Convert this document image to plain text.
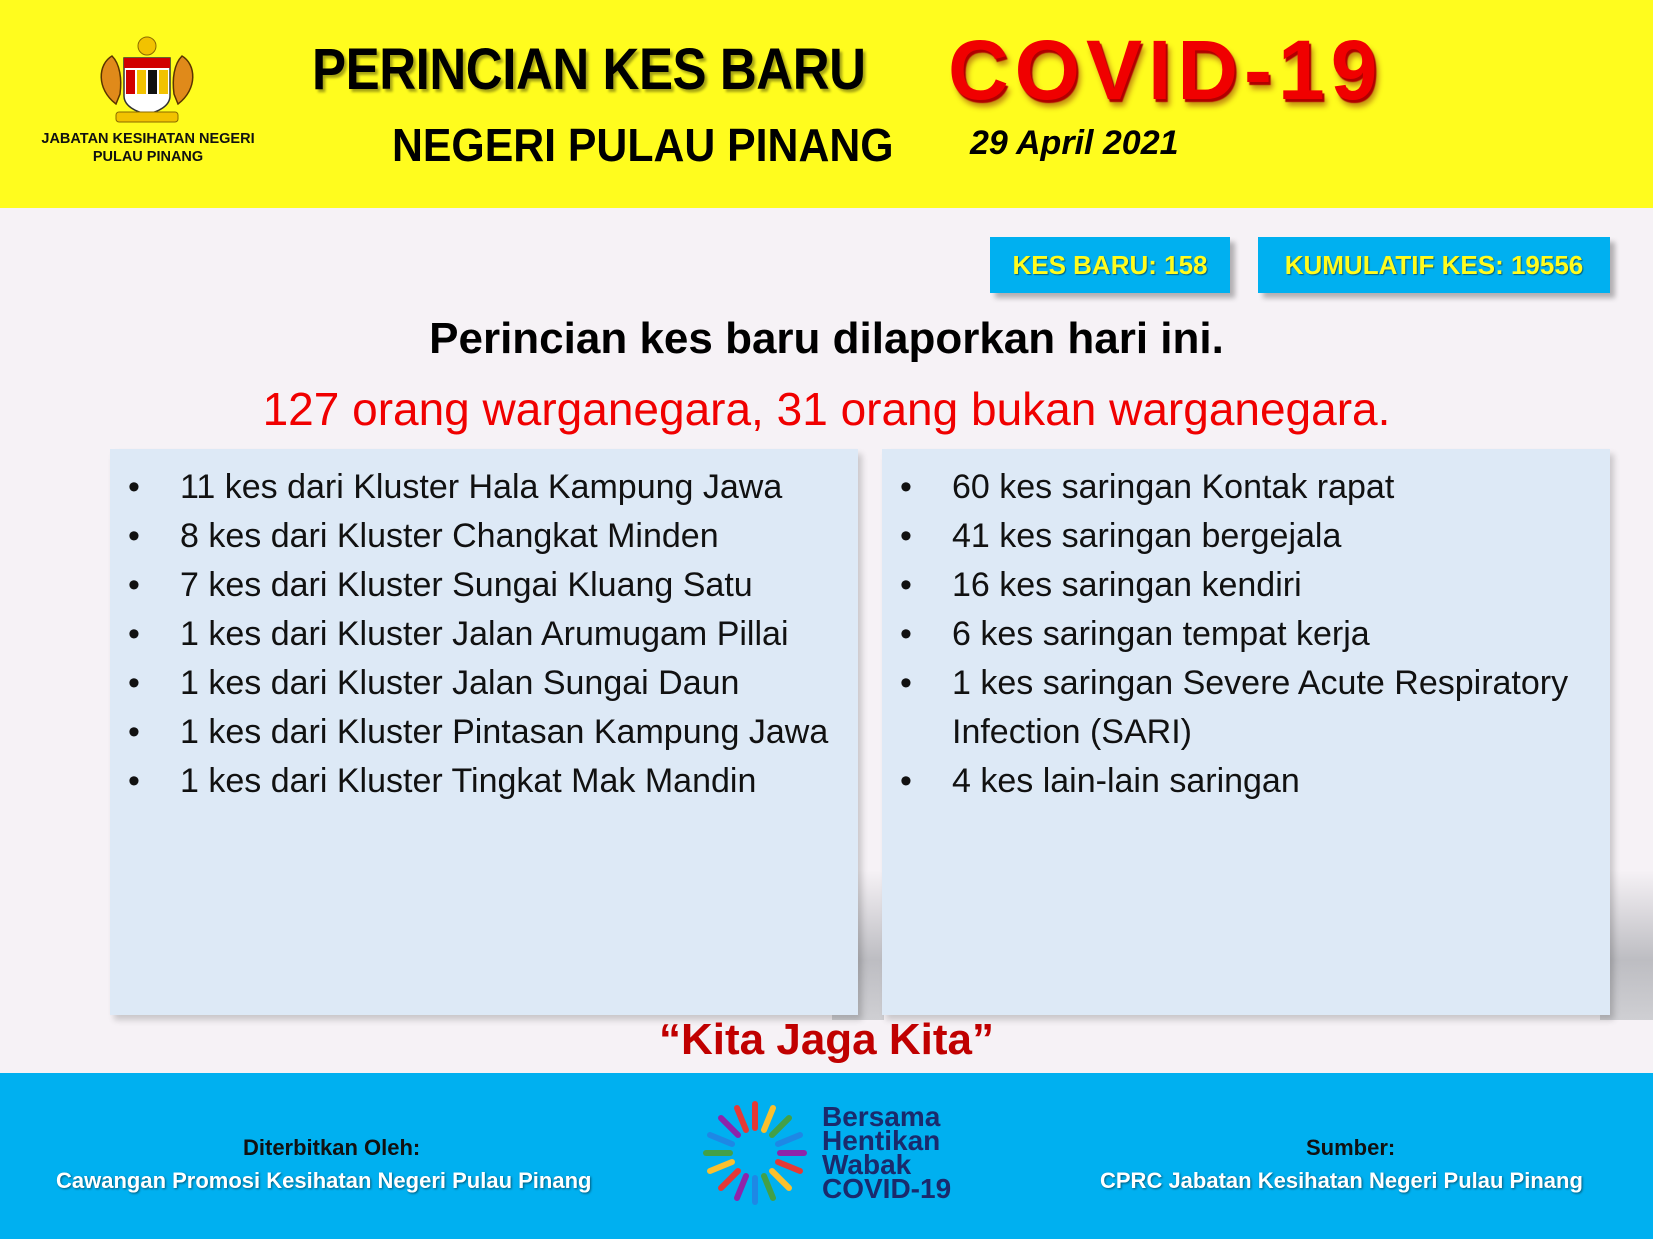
JABATAN KESIHATAN NEGERI PULAU PINANG
PERINCIAN KES BARU COVID-19
NEGERI PULAU PINANG 29 April 2021
KES BARU: 158	KUMULATIF KES: 19556
Perincian kes baru dilaporkan hari ini.
127 orang warganegara, 31 orang bukan warganegara.
• 11 kes dari Kluster Hala Kampung Jawa
• 8 kes dari Kluster Changkat Minden
• 7 kes dari Kluster Sungai Kluang Satu
• 1 kes dari Kluster Jalan Arumugam Pillai
• 1 kes dari Kluster Jalan Sungai Daun
• 1 kes dari Kluster Pintasan Kampung Jawa
• 1 kes dari Kluster Tingkat Mak Mandin
• 60 kes saringan Kontak rapat
• 41 kes saringan bergejala
• 16 kes saringan kendiri
• 6 kes saringan tempat kerja
• 1 kes saringan Severe Acute Respiratory Infection (SARI)
• 4 kes lain-lain saringan
“Kita Jaga Kita”
Diterbitkan Oleh:
Cawangan Promosi Kesihatan Negeri Pulau Pinang
Sumber:
CPRC Jabatan Kesihatan Negeri Pulau Pinang
Bersama
Hentikan
Wabak
COVID-19
